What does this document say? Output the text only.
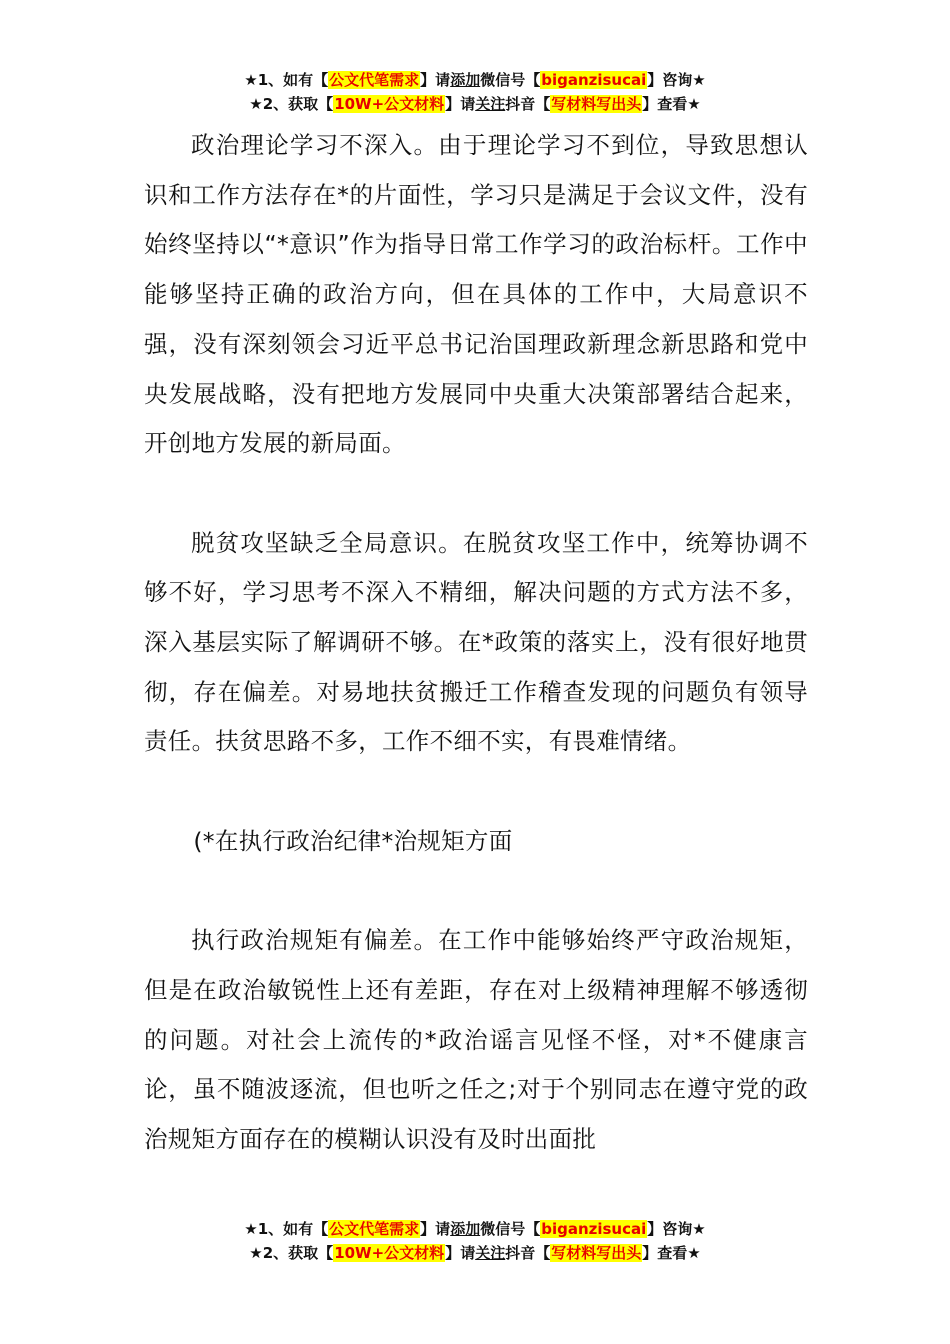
★1、如有【公文代笔需求】请添加微信号【biganzisucai】咨询★
★2、获取【10W+公文材料】请关注抖音【写材料写出头】查看★

政治理论学习不深入。由于理论学习不到位，导致思想认识和工作方法存在*的片面性，学习只是满足于会议文件，没有始终坚持以“*意识”作为指导日常工作学习的政治标杆。工作中能够坚持正确的政治方向，但在具体的工作中，大局意识不强，没有深刻领会习近平总书记治国理政新理念新思路和党中央发展战略，没有把地方发展同中央重大决策部署结合起来，开创地方发展的新局面。

脱贫攻坚缺乏全局意识。在脱贫攻坚工作中，统筹协调不够不好，学习思考不深入不精细，解决问题的方式方法不多，深入基层实际了解调研不够。在*政策的落实上，没有很好地贯彻，存在偏差。对易地扶贫搬迁工作稽查发现的问题负有领导责任。扶贫思路不多，工作不细不实，有畏难情绪。

(*在执行政治纪律*治规矩方面

执行政治规矩有偏差。在工作中能够始终严守政治规矩，但是在政治敏锐性上还有差距，存在对上级精神理解不够透彻的问题。对社会上流传的*政治谣言见怪不怪，对*不健康言论，虽不随波逐流，但也听之任之;对于个别同志在遵守党的政治规矩方面存在的模糊认识没有及时出面批

★1、如有【公文代笔需求】请添加微信号【biganzisucai】咨询★
★2、获取【10W+公文材料】请关注抖音【写材料写出头】查看★
